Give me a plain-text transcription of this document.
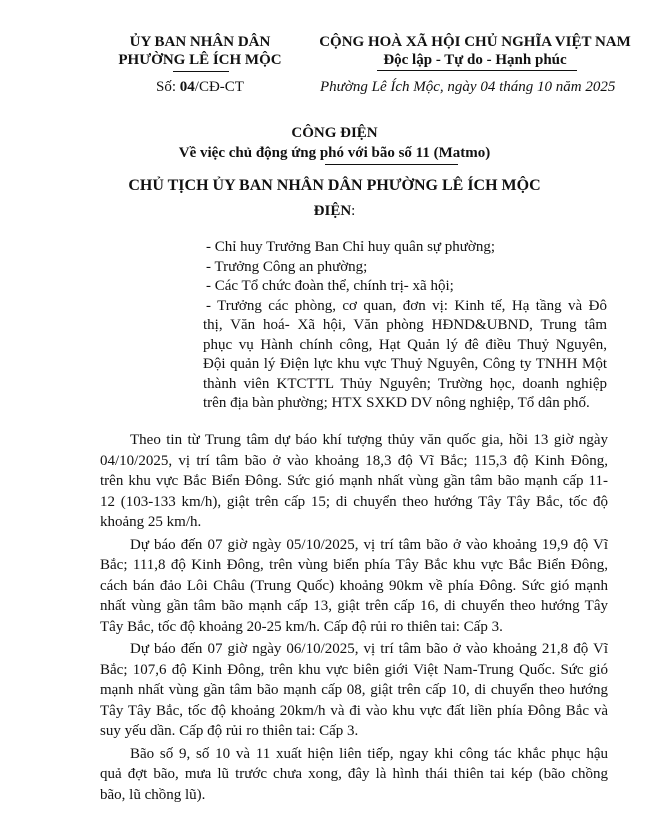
ỦY BAN NHÂN DÂN
PHƯỜNG LÊ ÍCH MỘC
CỘNG HOÀ XÃ HỘI CHỦ NGHĨA VIỆT NAM
Độc lập - Tự do - Hạnh phúc
Số: 04/CĐ-CT	Phường Lê Ích Mộc, ngày 04 tháng 10 năm 2025
CÔNG ĐIỆN
Về việc chủ động ứng phó với bão số 11 (Matmo)
CHỦ TỊCH ỦY BAN NHÂN DÂN PHƯỜNG LÊ ÍCH MỘC
ĐIỆN:
- Chỉ huy Trưởng Ban Chỉ huy quân sự phường;
- Trưởng Công an phường;
- Các Tổ chức đoàn thể, chính trị- xã hội;
- Trưởng các phòng, cơ quan, đơn vị: Kinh tế, Hạ tầng và Đô
thị, Văn hoá- Xã hội, Văn phòng HĐND&UBND, Trung tâm
phục vụ Hành chính công, Hạt Quản lý đê điều Thuỷ Nguyên,
Đội quản lý Điện lực khu vực Thuỷ Nguyên, Công ty TNHH Một
thành viên KTCTTL Thủy Nguyên; Trường học, doanh nghiệp
trên địa bàn phường; HTX SXKD DV nông nghiệp, Tổ dân phố.
Theo tin từ Trung tâm dự báo khí tượng thủy văn quốc gia, hồi 13 giờ ngày
04/10/2025, vị trí tâm bão ở vào khoảng 18,3 độ Vĩ Bắc; 115,3 độ Kinh Đông,
trên khu vực Bắc Biển Đông. Sức gió mạnh nhất vùng gần tâm bão mạnh cấp 11-
12 (103-133 km/h), giật trên cấp 15; di chuyển theo hướng Tây Tây Bắc, tốc độ
khoảng 25 km/h.
Dự báo đến 07 giờ ngày 05/10/2025, vị trí tâm bão ở vào khoảng 19,9 độ Vĩ
Bắc; 111,8 độ Kinh Đông, trên vùng biển phía Tây Bắc khu vực Bắc Biển Đông,
cách bán đảo Lôi Châu (Trung Quốc) khoảng 90km về phía Đông. Sức gió mạnh
nhất vùng gần tâm bão mạnh cấp 13, giật trên cấp 16, di chuyển theo hướng Tây
Tây Bắc, tốc độ khoảng 20-25 km/h. Cấp độ rủi ro thiên tai: Cấp 3.
Dự báo đến 07 giờ ngày 06/10/2025, vị trí tâm bão ở vào khoảng 21,8 độ Vĩ
Bắc; 107,6 độ Kinh Đông, trên khu vực biên giới Việt Nam-Trung Quốc. Sức gió
mạnh nhất vùng gần tâm bão mạnh cấp 08, giật trên cấp 10, di chuyển theo hướng
Tây Tây Bắc, tốc độ khoảng 20km/h và đi vào khu vực đất liền phía Đông Bắc và
suy yếu dần. Cấp độ rủi ro thiên tai: Cấp 3.
Bão số 9, số 10 và 11 xuất hiện liên tiếp, ngay khi công tác khắc phục hậu
quả đợt bão, mưa lũ trước chưa xong, đây là hình thái thiên tai kép (bão chồng
bão, lũ chồng lũ).
